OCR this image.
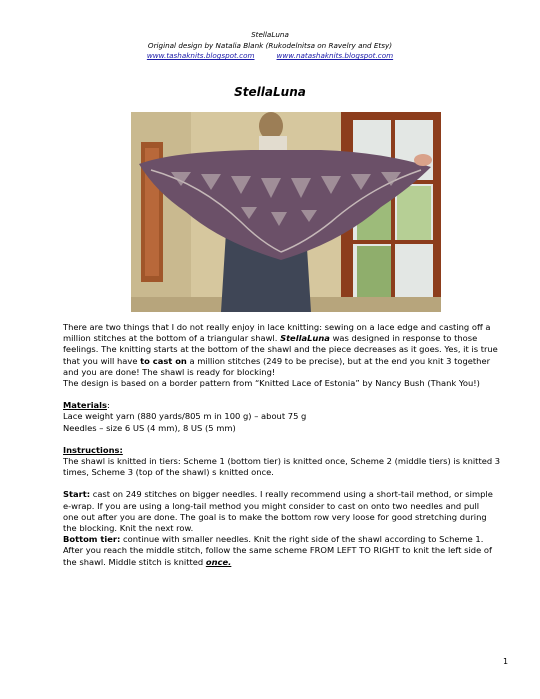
StellaLuna
Original design by Natalia Blank (Rukodelnitsa on Ravelry and Etsy)
www.tashaknits.blogspot.com	www.natashaknits.blogspot.com
StellaLuna

There are two things that I do not really enjoy in lace knitting: sewing on a lace edge and casting off a

million stitches at the bottom of a triangular shawl. StellaLuna was designed in response to those

feelings. The knitting starts at the bottom of the shawl and the piece decreases as it goes. Yes, it is true

that you will have to cast on a million stitches (249 to be precise), but at the end you knit 3 together

and you are done! The shawl is ready for blocking!

The design is based on a border pattern from “Knitted Lace of Estonia” by Nancy Bush (Thank You!)

Materials:

Lace weight yarn (880 yards/805 m in 100 g) – about 75 g

Needles – size 6 US (4 mm), 8 US (5 mm)

Instructions:

The shawl is knitted in tiers: Scheme 1 (bottom tier) is knitted once, Scheme 2 (middle tiers) is knitted 3

times, Scheme 3 (top of the shawl) s knitted once.

Start: cast on 249 stitches on bigger needles. I really recommend using a short-tail method, or simple

e-wrap. If you are using a long-tail method you might consider to cast on onto two needles and pull

one out after you are done. The goal is to make the bottom row very loose for good stretching during

the blocking. Knit the next row.

Bottom tier: continue with smaller needles. Knit the right side of the shawl according to Scheme 1.

After you reach the middle stitch, follow the same scheme FROM LEFT TO RIGHT to knit the left side of

the shawl. Middle stitch is knitted once.

1
